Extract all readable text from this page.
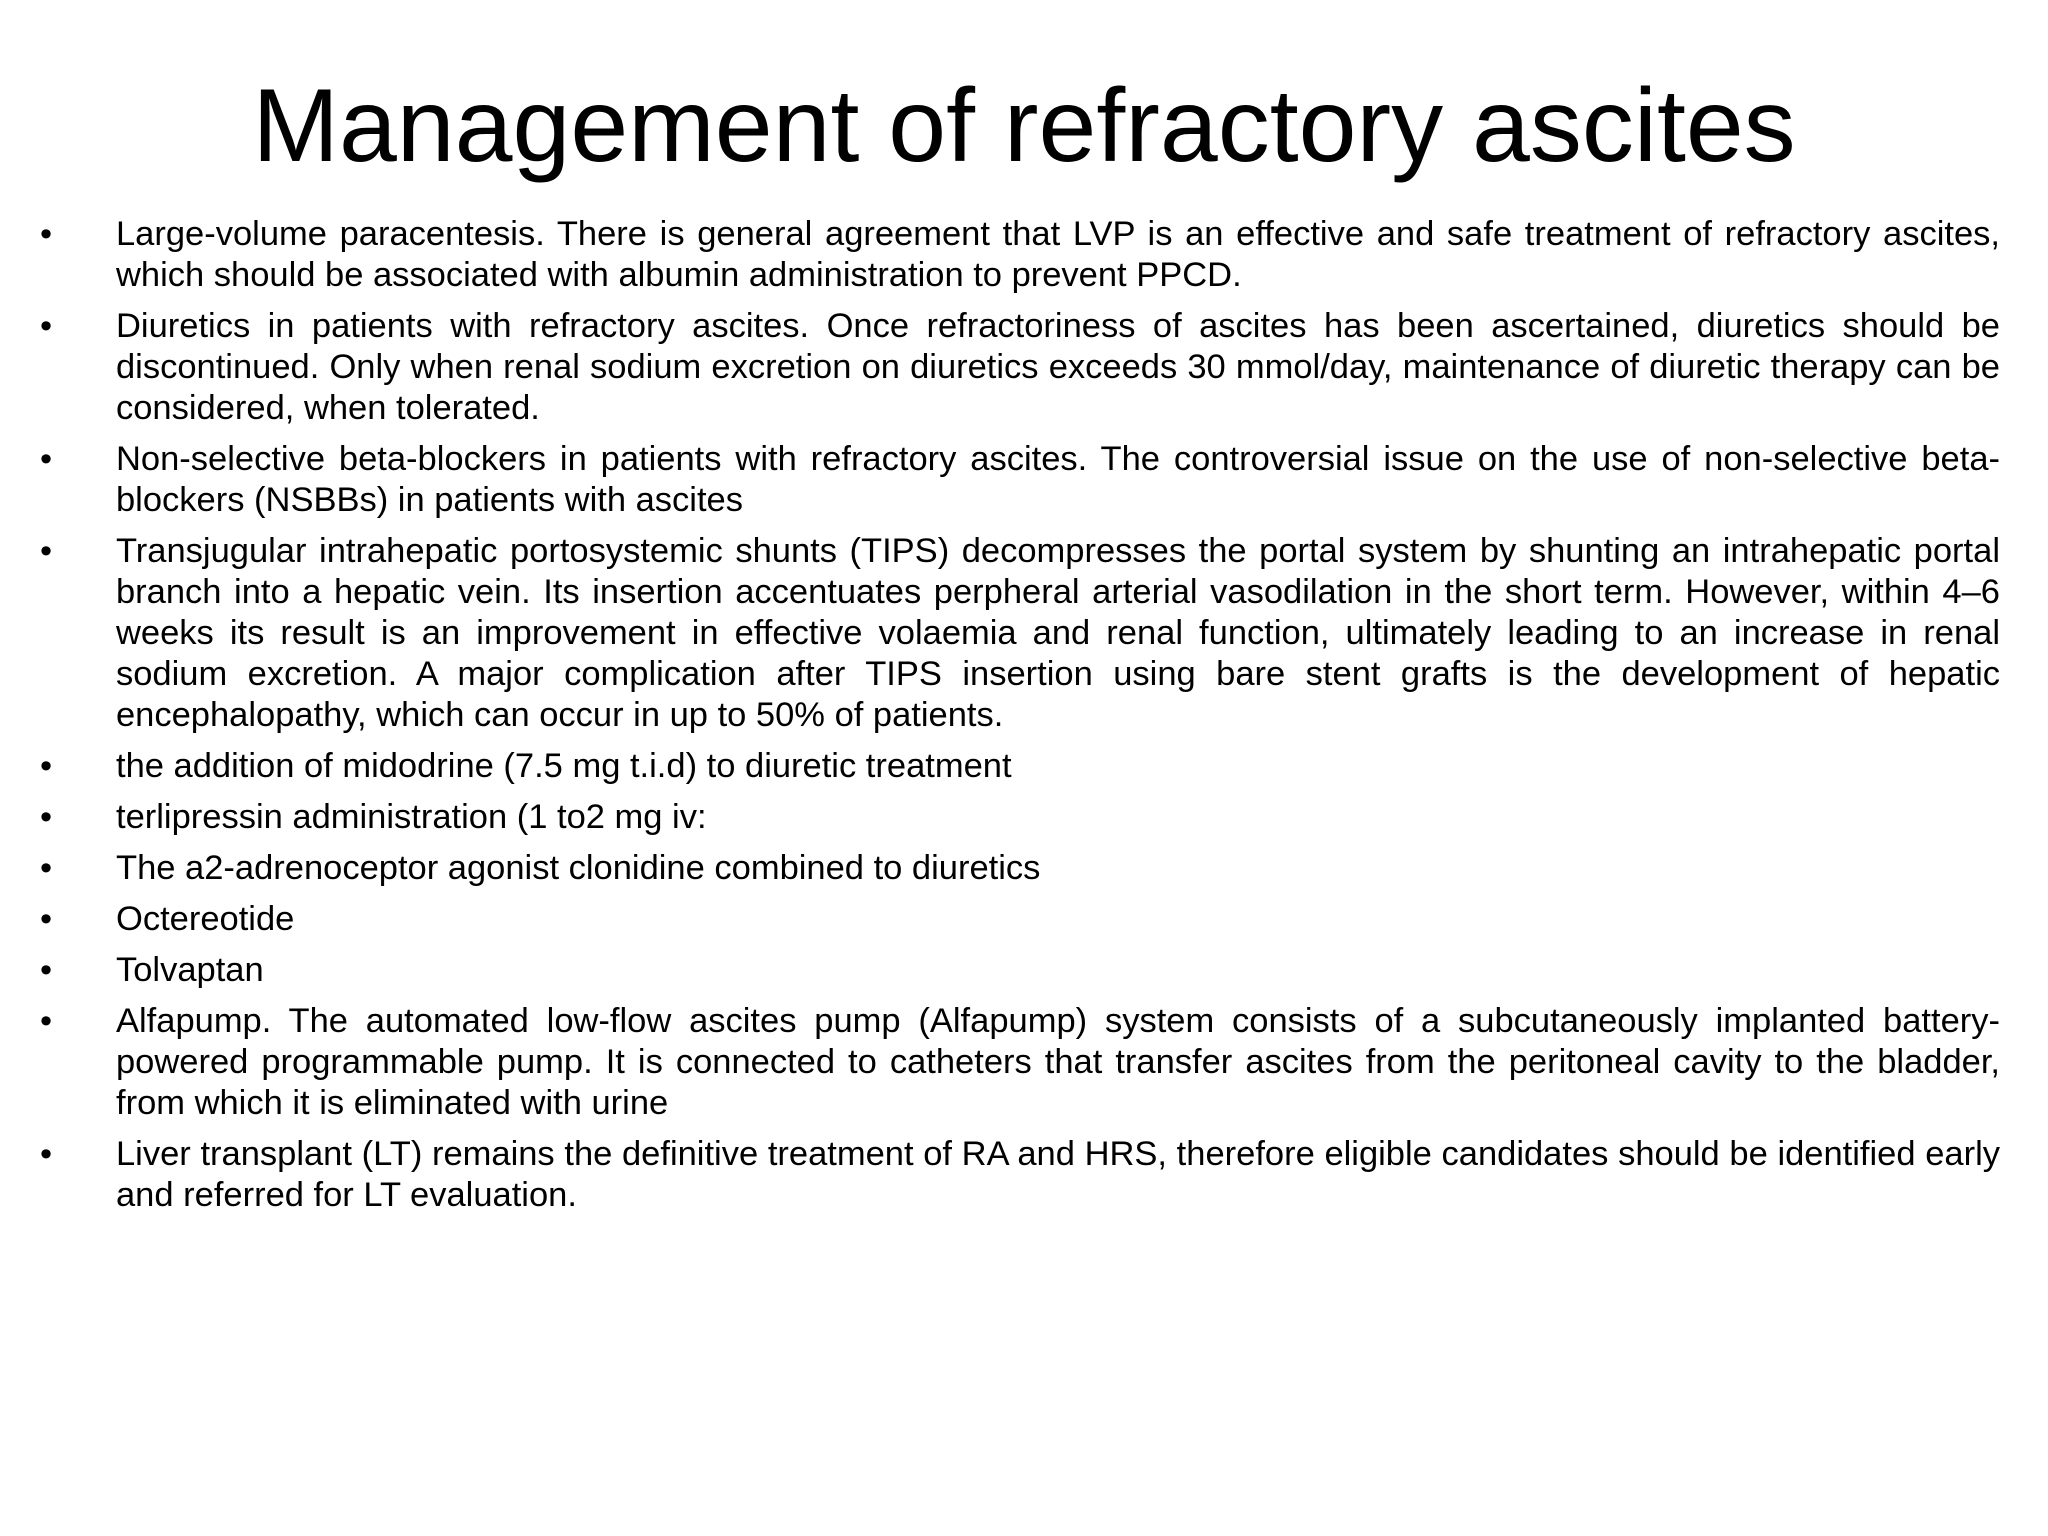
Management of refractory ascites
•	Large-volume paracentesis. There is general agreement that LVP is an effective and safe treatment of refractory ascites, which should be associated with albumin administration to prevent PPCD.
•	Diuretics in patients with refractory ascites. Once refractoriness of ascites has been ascertained, diuretics should be discontinued. Only when renal sodium excretion on diuretics exceeds 30 mmol/day, maintenance of diuretic therapy can be considered, when tolerated.
•	Non-selective beta-blockers in patients with refractory ascites. The controversial issue on the use of non-selective beta-blockers (NSBBs) in patients with ascites
•	Transjugular intrahepatic portosystemic shunts (TIPS) decompresses the portal system by shunting an intrahepatic portal branch into a hepatic vein. Its insertion accentuates perpheral arterial vasodilation in the short term. However, within 4–6 weeks its result is an improvement in effective volaemia and renal function, ultimately leading to an increase in renal sodium excretion. A major complication after TIPS insertion using bare stent grafts is the development of hepatic encephalopathy, which can occur in up to 50% of patients.
•	the addition of midodrine (7.5 mg t.i.d) to diuretic treatment
•	terlipressin administration (1 to2 mg iv:
•	The a2-adrenoceptor agonist clonidine combined to diuretics
•	Octereotide
•	Tolvaptan
•	Alfapump. The automated low-flow ascites pump (Alfapump) system consists of a subcutaneously implanted battery-powered programmable pump. It is connected to catheters that transfer ascites from the peritoneal cavity to the bladder, from which it is eliminated with urine
•	Liver transplant (LT) remains the definitive treatment of RA and HRS, therefore eligible candidates should be identified early and referred for LT evaluation.
